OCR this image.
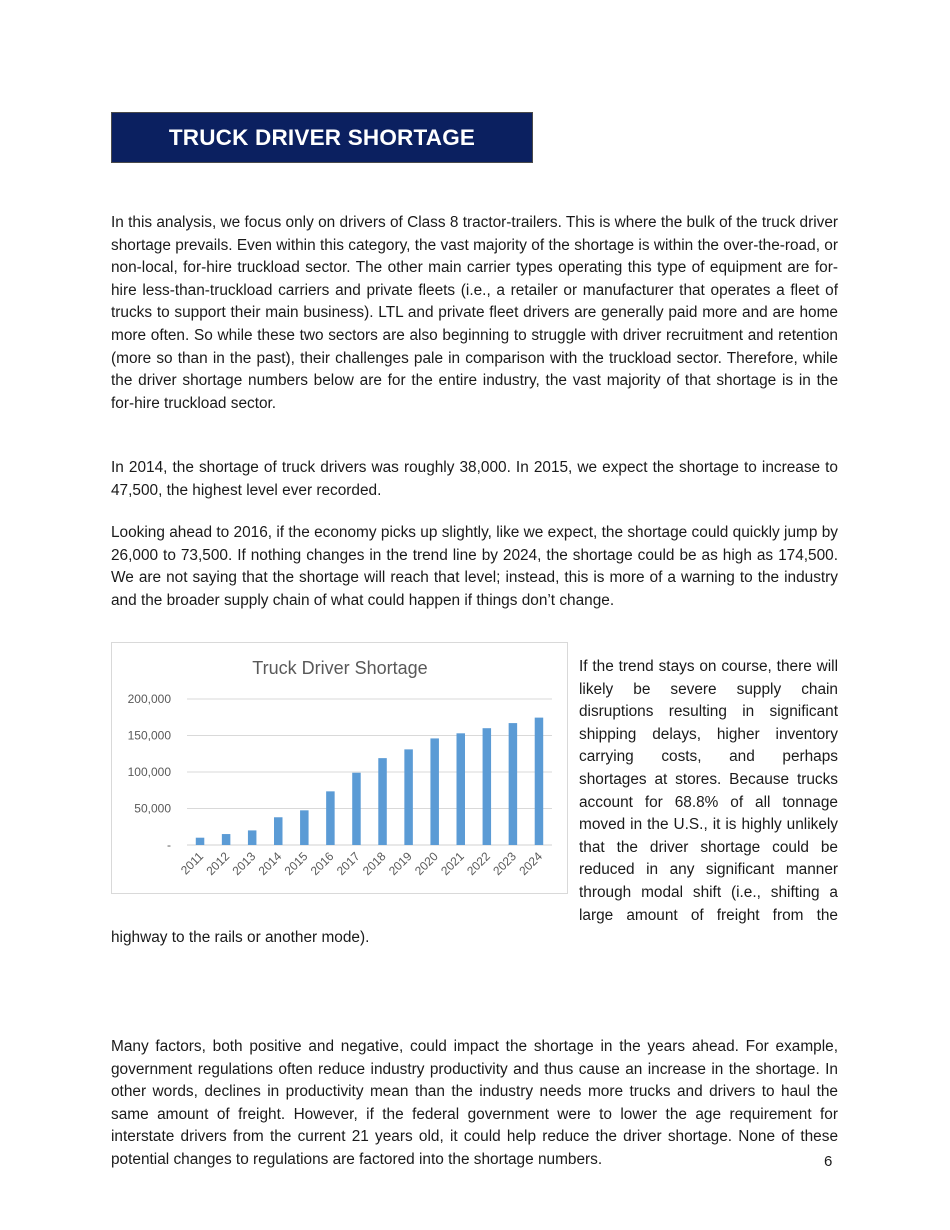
TRUCK DRIVER SHORTAGE

In this analysis, we focus only on drivers of Class 8 tractor-trailers. This is where the bulk of the truck driver shortage prevails. Even within this category, the vast majority of the shortage is within the over-the-road, or non-local, for-hire truckload sector. The other main carrier types operating this type of equipment are for-hire less-than-truckload carriers and private fleets (i.e., a retailer or manufacturer that operates a fleet of trucks to support their main business). LTL and private fleet drivers are generally paid more and are home more often. So while these two sectors are also beginning to struggle with driver recruitment and retention (more so than in the past), their challenges pale in comparison with the truckload sector. Therefore, while the driver shortage numbers below are for the entire industry, the vast majority of that shortage is in the for-hire truckload sector.

In 2014, the shortage of truck drivers was roughly 38,000. In 2015, we expect the shortage to increase to 47,500, the highest level ever recorded.

Looking ahead to 2016, if the economy picks up slightly, like we expect, the shortage could quickly jump by 26,000 to 73,500. If nothing changes in the trend line by 2024, the shortage could be as high as 174,500. We are not saying that the shortage will reach that level; instead, this is more of a warning to the industry and the broader supply chain of what could happen if things don’t change.

Truck Driver Shortage
-
50,000
100,000
150,000
200,000
2011
2012
2013
2014
2015
2016
2017
2018
2019
2020
2021
2022
2023
2024

If the trend stays on course, there will likely be severe supply chain disruptions resulting in significant shipping delays, higher inventory carrying costs, and perhaps shortages at stores. Because trucks account for 68.8% of all tonnage moved in the U.S., it is highly unlikely that the driver shortage could be reduced in any significant manner through modal shift (i.e., shifting a large amount of freight from the highway to the rails or another mode).

Many factors, both positive and negative, could impact the shortage in the years ahead. For example, government regulations often reduce industry productivity and thus cause an increase in the shortage. In other words, declines in productivity mean than the industry needs more trucks and drivers to haul the same amount of freight. However, if the federal government were to lower the age requirement for interstate drivers from the current 21 years old, it could help reduce the driver shortage. None of these potential changes to regulations are factored into the shortage numbers.	6
